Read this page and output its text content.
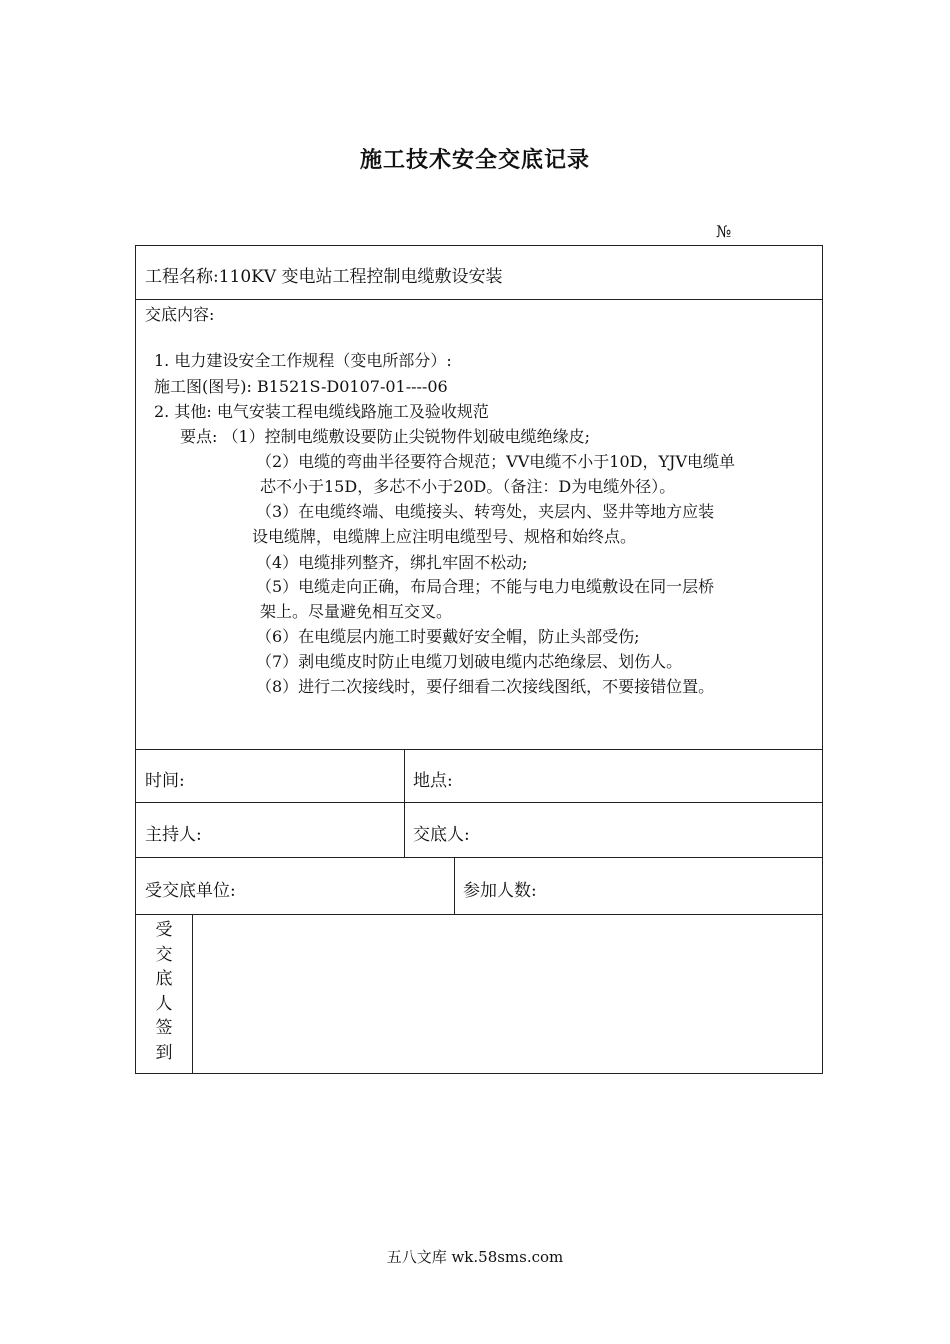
施工技术安全交底记录
№
工程名称:110KV 变电站工程控制电缆敷设安装
交底内容:
1. 电力建设安全工作规程（变电所部分）:
施工图(图号): B1521S-D0107-01----06
2. 其他: 电气安装工程电缆线路施工及验收规范
要点: （1）控制电缆敷设要防止尖锐物件划破电缆绝缘皮;
（2）电缆的弯曲半径要符合规范；VV电缆不小于10D，YJV电缆单
芯不小于15D，多芯不小于20D。（备注：D为电缆外径）。
（3）在电缆终端、电缆接头、转弯处，夹层内、竖井等地方应装
设电缆牌，电缆牌上应注明电缆型号、规格和始终点。
（4）电缆排列整齐，绑扎牢固不松动;
（5）电缆走向正确，布局合理；不能与电力电缆敷设在同一层桥
架上。尽量避免相互交叉。
（6）在电缆层内施工时要戴好安全帽，防止头部受伤;
（7）剥电缆皮时防止电缆刀划破电缆内芯绝缘层、划伤人。
（8）进行二次接线时，要仔细看二次接线图纸，不要接错位置。
时间:	地点:
主持人:	交底人:
受交底单位:	参加人数:
受
交
底
人
签
到
五八文库 wk.58sms.com
